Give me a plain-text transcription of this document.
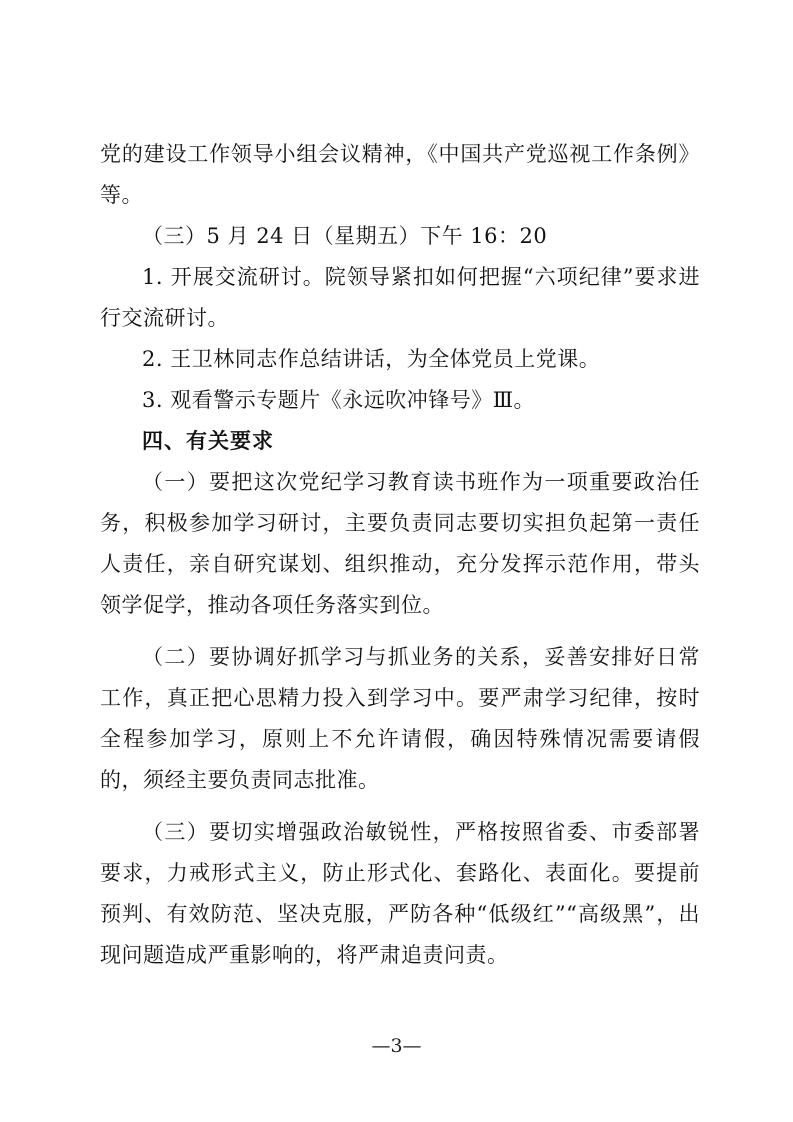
党的建设工作领导小组会议精神，《中国共产党巡视工作条例》等。

（三）5 月 24 日（星期五）下午 16：20

1. 开展交流研讨。院领导紧扣如何把握“六项纪律”要求进行交流研讨。

2. 王卫林同志作总结讲话，为全体党员上党课。

3. 观看警示专题片《永远吹冲锋号》Ⅲ。

四、有关要求

（一）要把这次党纪学习教育读书班作为一项重要政治任务，积极参加学习研讨，主要负责同志要切实担负起第一责任人责任，亲自研究谋划、组织推动，充分发挥示范作用，带头领学促学，推动各项任务落实到位。

（二）要协调好抓学习与抓业务的关系，妥善安排好日常工作，真正把心思精力投入到学习中。要严肃学习纪律，按时全程参加学习，原则上不允许请假，确因特殊情况需要请假的，须经主要负责同志批准。

（三）要切实增强政治敏锐性，严格按照省委、市委部署要求，力戒形式主义，防止形式化、套路化、表面化。要提前预判、有效防范、坚决克服，严防各种“低级红”“高级黑”，出现问题造成严重影响的，将严肃追责问责。

—3—
